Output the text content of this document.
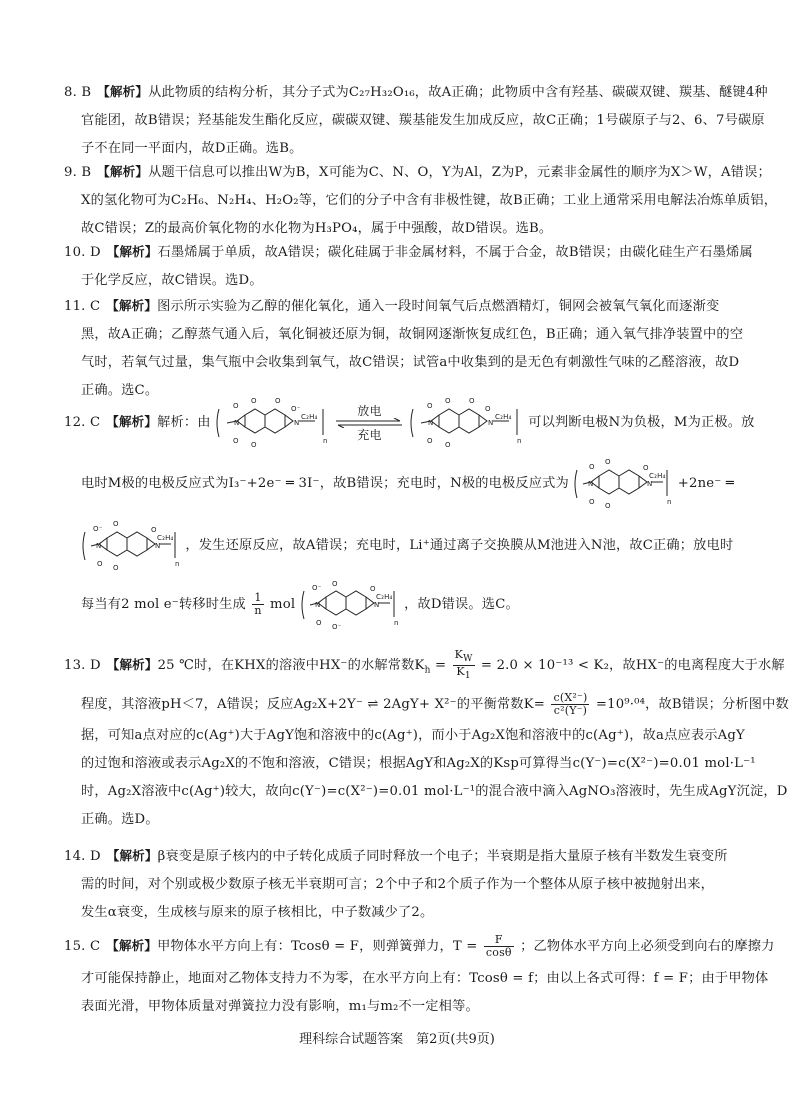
8. B 【解析】从此物质的结构分析，其分子式为C₂₇H₃₂O₁₆，故A正确；此物质中含有羟基、碳碳双键、羰基、醚键4种
官能团，故B错误；羟基能发生酯化反应，碳碳双键、羰基能发生加成反应，故C正确；1号碳原子与2、6、7号碳原
子不在同一平面内，故D正确。选B。
9. B 【解析】从题干信息可以推出W为B，X可能为C、N、O，Y为Al，Z为P，元素非金属性的顺序为X＞W，A错误；
X的氢化物可为C₂H₆、N₂H₄、H₂O₂等，它们的分子中含有非极性键，故B正确；工业上通常采用电解法冶炼单质铝，
故C错误；Z的最高价氧化物的水化物为H₃PO₄，属于中强酸，故D错误。选B。
10. D 【解析】石墨烯属于单质，故A错误；碳化硅属于非金属材料，不属于合金，故B错误；由碳化硅生产石墨烯属
于化学反应，故C错误。选D。
11. C 【解析】图示所示实验为乙醇的催化氧化，通入一段时间氧气后点燃酒精灯，铜网会被氧气氧化而逐渐变
黑，故A正确；乙醇蒸气通入后，氧化铜被还原为铜，故铜网逐渐恢复成红色，B正确；通入氧气排净装置中的空
气时，若氧气过量，集气瓶中会收集到氧气，故C错误；试管a中收集到的是无色有刺激性气味的乙醛溶液，故D
正确。选C。
12. C 【解析】解析：由
O
O	O
O O
O⁻
N	N
C₂H₄
n
放电
充电
O
O	O
O O
O
N	N
C₂H₄
n
可以判断电极N为负极，M为正极。放
电时M极的电极反应式为I₃⁻+2e⁻ ═ 3I⁻，故B错误；充电时，N极的电极反应式为
O
O
O
O O
N	N
C₂H₄
n
+2ne⁻ ═
O⁻
O
O
O O
N	N
C₂H₄
n
，发生还原反应，故A错误；充电时，Li⁺通过离子交换膜从M池进入N池，故C正确；放电时
每当有2 mol e⁻转移时生成 $\frac{1}{n}$ mol
O⁻ O
O
O O⁻
N	N
C₂H₄
n
，故D错误。选C。
13. D 【解析】25 ℃时，在KHX的溶液中HX⁻的水解常数$K_h = \frac{K_W}{K_1} = 2.0 \times 10^{-13} < K_2$，故HX⁻的电离程度大于水解
程度，其溶液pH＜7，A错误；反应Ag₂X+2Y⁻ ⇌ 2AgY+ X²⁻的平衡常数$K= \frac{\text{c(X²⁻)}}{\text{c²(Y⁻)}} =10^9\cdot^{04}$，故B错误；分析图中数
据，可知a点对应的c(Ag⁺)大于AgY饱和溶液中的c(Ag⁺)，而小于Ag₂X饱和溶液中的c(Ag⁺)，故a点应表示AgY
的过饱和溶液或表示Ag₂X的不饱和溶液，C错误；根据AgY和Ag₂X的Ksp可算得当c(Y⁻)=c(X²⁻)=0.01 mol·L⁻¹
时，Ag₂X溶液中c(Ag⁺)较大，故向c(Y⁻)=c(X²⁻)=0.01 mol·L⁻¹的混合液中滴入AgNO₃溶液时，先生成AgY沉淀，D
正确。选D。
14. D 【解析】β衰变是原子核内的中子转化成质子同时释放一个电子；半衰期是指大量原子核有半数发生衰变所
需的时间，对个别或极少数原子核无半衰期可言；2个中子和2个质子作为一个整体从原子核中被抛射出来，
发生α衰变，生成核与原来的原子核相比，中子数减少了2。
15. C 【解析】甲物体水平方向上有：Tcosθ = F，则弹簧弹力，$T = \frac{F}{\cos\theta}$ ；乙物体水平方向上必须受到向右的摩擦力
才可能保持静止，地面对乙物体支持力不为零，在水平方向上有：Tcosθ = f；由以上各式可得：f = F；由于甲物体
表面光滑，甲物体质量对弹簧拉力没有影响，m₁与m₂不一定相等。
理科综合试题答案　第2页(共9页)
